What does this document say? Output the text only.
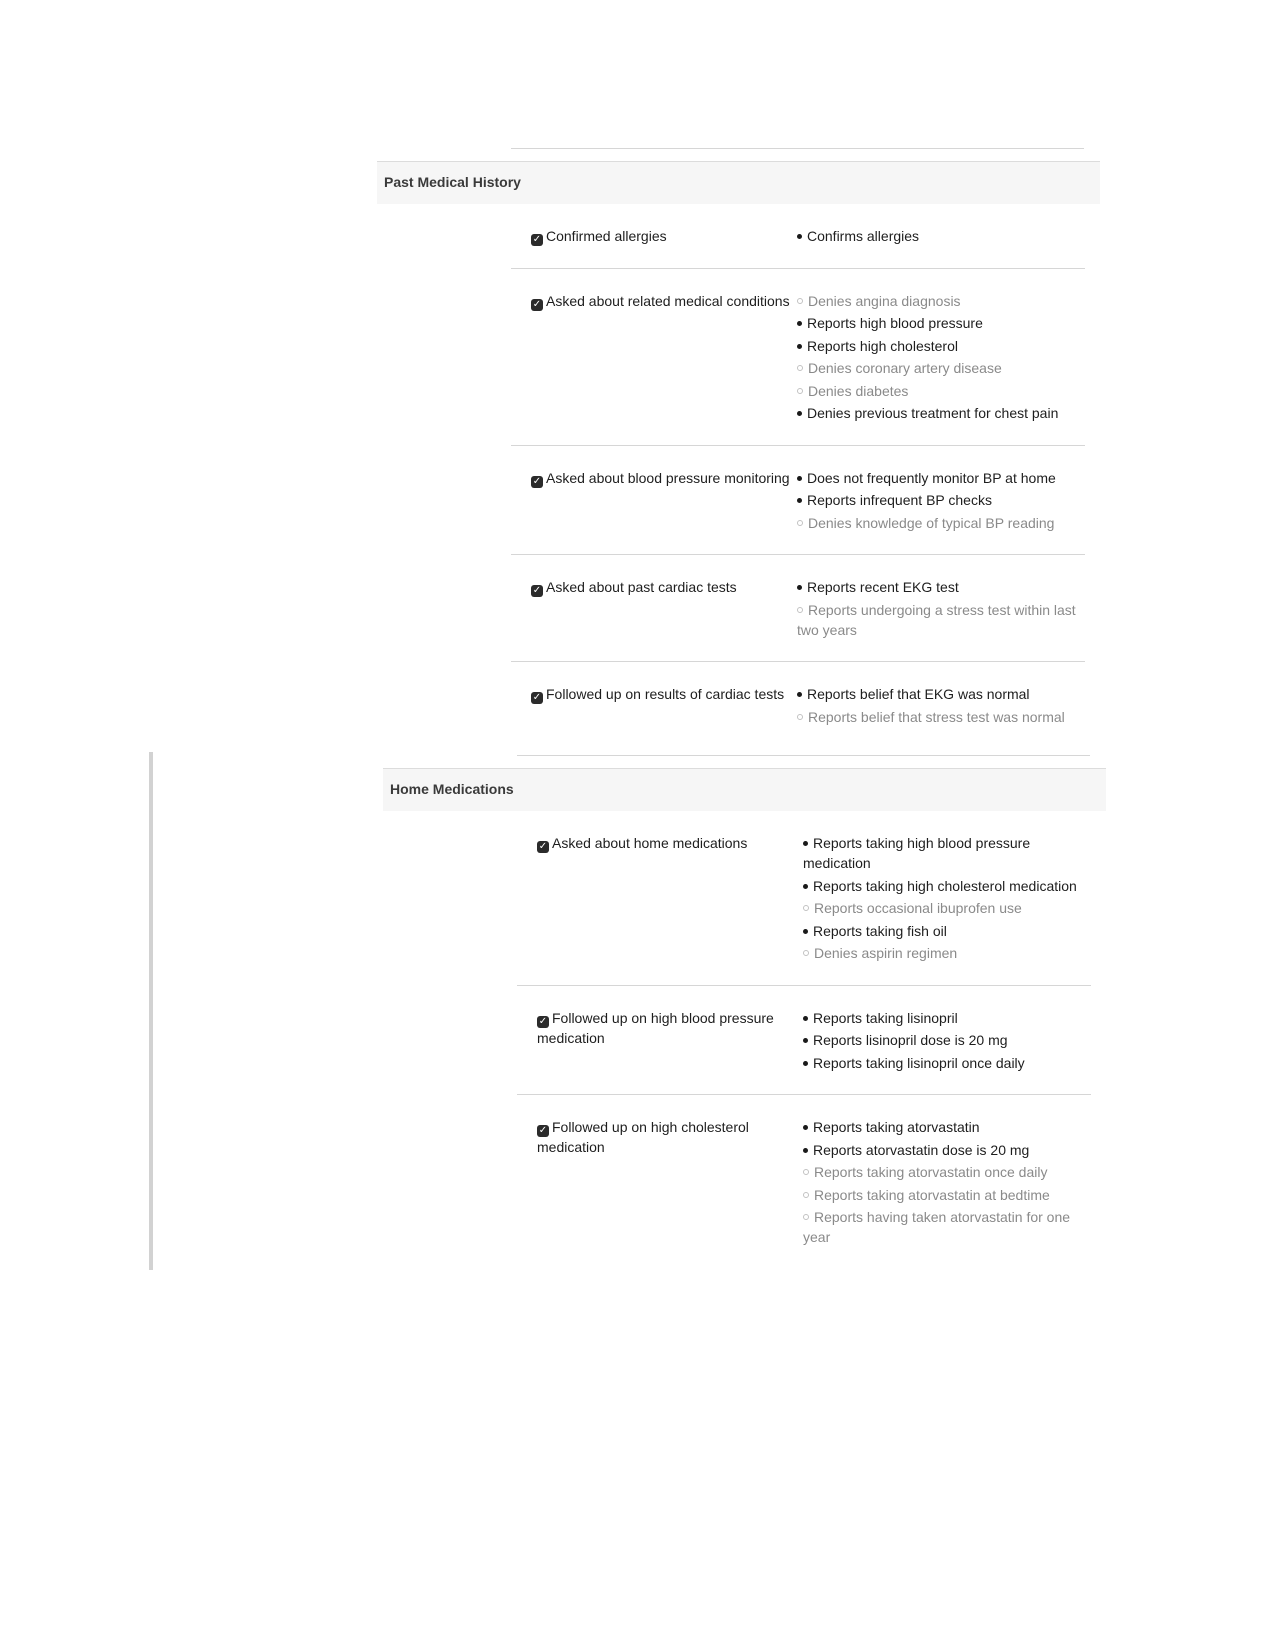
Past Medical History
✓ Confirmed allergies	Confirms allergies
✓ Asked about related medical conditions	Denies angina diagnosis
Reports high blood pressure
Reports high cholesterol
Denies coronary artery disease
Denies diabetes
Denies previous treatment for chest pain
✓ Asked about blood pressure monitoring	Does not frequently monitor BP at home
Reports infrequent BP checks
Denies knowledge of typical BP reading
✓ Asked about past cardiac tests	Reports recent EKG test
Reports undergoing a stress test within last two years
✓ Followed up on results of cardiac tests	Reports belief that EKG was normal
Reports belief that stress test was normal
Home Medications
✓ Asked about home medications	Reports taking high blood pressure medication
Reports taking high cholesterol medication
Reports occasional ibuprofen use
Reports taking fish oil
Denies aspirin regimen
✓ Followed up on high blood pressure medication
Reports taking lisinopril
Reports lisinopril dose is 20 mg
Reports taking lisinopril once daily
✓ Followed up on high cholesterol medication
Reports taking atorvastatin
Reports atorvastatin dose is 20 mg
Reports taking atorvastatin once daily
Reports taking atorvastatin at bedtime
Reports having taken atorvastatin for one year
